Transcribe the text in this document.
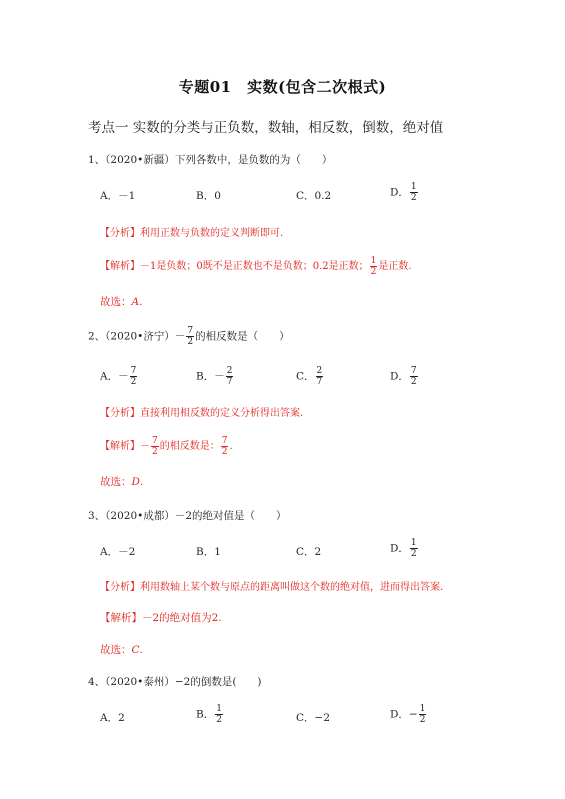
专题01　实数(包含二次根式)
考点一 实数的分类与正负数，数轴，相反数，倒数，绝对值
1、（2020•新疆）下列各数中，是负数的为（　　）
A．－1	B．0	C．0.2	D． $\frac{1}{2}$
【分析】利用正数与负数的定义判断即可.
【解析】－1是负数；0既不是正数也不是负数；0.2是正数； $\frac{1}{2}$ 是正数.
故选：A.
2、（2020•济宁）－ $\frac{7}{2}$ 的相反数是（　　）
A．－ $\frac{7}{2}$	B．－ $\frac{2}{7}$	C． $\frac{2}{7}$	D． $\frac{7}{2}$
【分析】直接利用相反数的定义分析得出答案.
【解析】－ $\frac{7}{2}$ 的相反数是： $\frac{7}{2}$ .
故选：D.
3、（2020•成都）－2的绝对值是（　　）
A．－2	B．1	C．2	D． $\frac{1}{2}$
【分析】利用数轴上某个数与原点的距离叫做这个数的绝对值，进而得出答案.
【解析】－2的绝对值为2.
故选：C.
4、（2020•泰州）−2的倒数是(　　)
A．2	B． $\frac{1}{2}$	C．−2	D．− $\frac{1}{2}$
